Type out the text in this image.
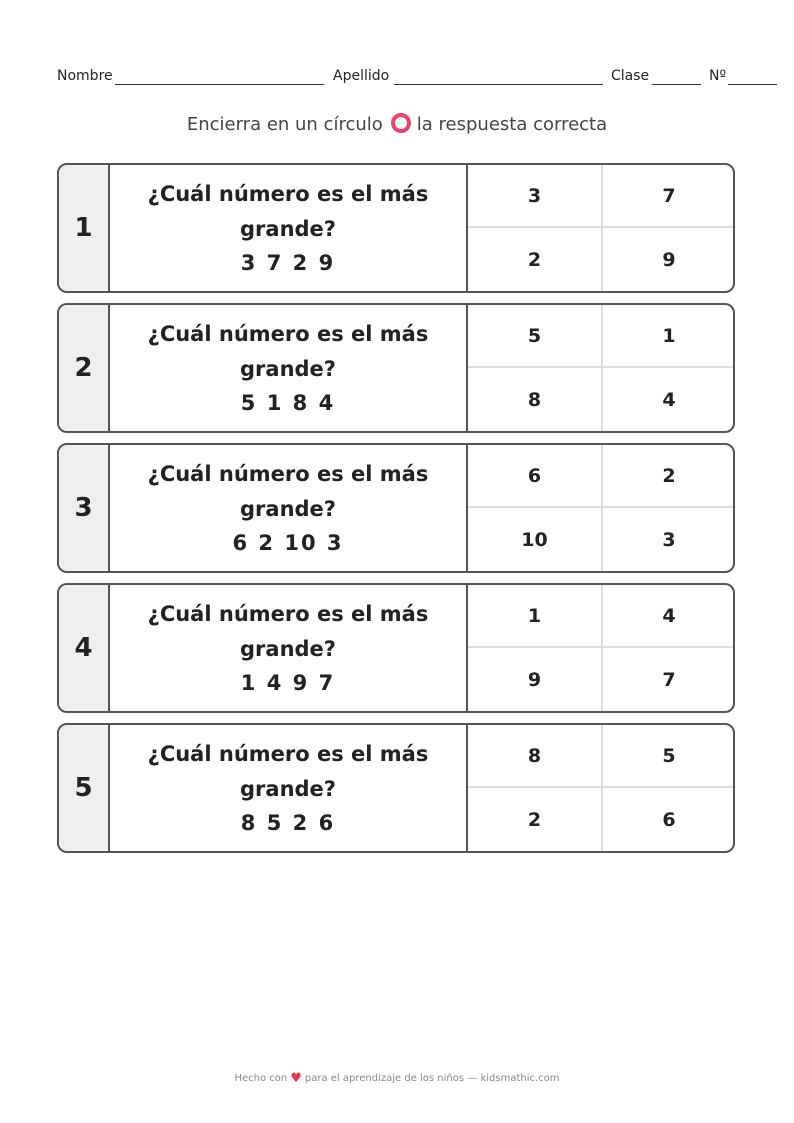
Nombre	Apellido	Clase	Nº
Encierra en un círculo la respuesta correcta
1
¿Cuál número es el más grande?
3 7 2 9
3	7
2	9
2
¿Cuál número es el más grande?
5 1 8 4
5	1
8	4
3
¿Cuál número es el más grande?
6 2 10 3
6	2
10	3
4
¿Cuál número es el más grande?
1 4 9 7
1	4
9	7
5
¿Cuál número es el más grande?
8 5 2 6
8	5
2	6
Hecho con ♥ para el aprendizaje de los niños — kidsmathic.com
